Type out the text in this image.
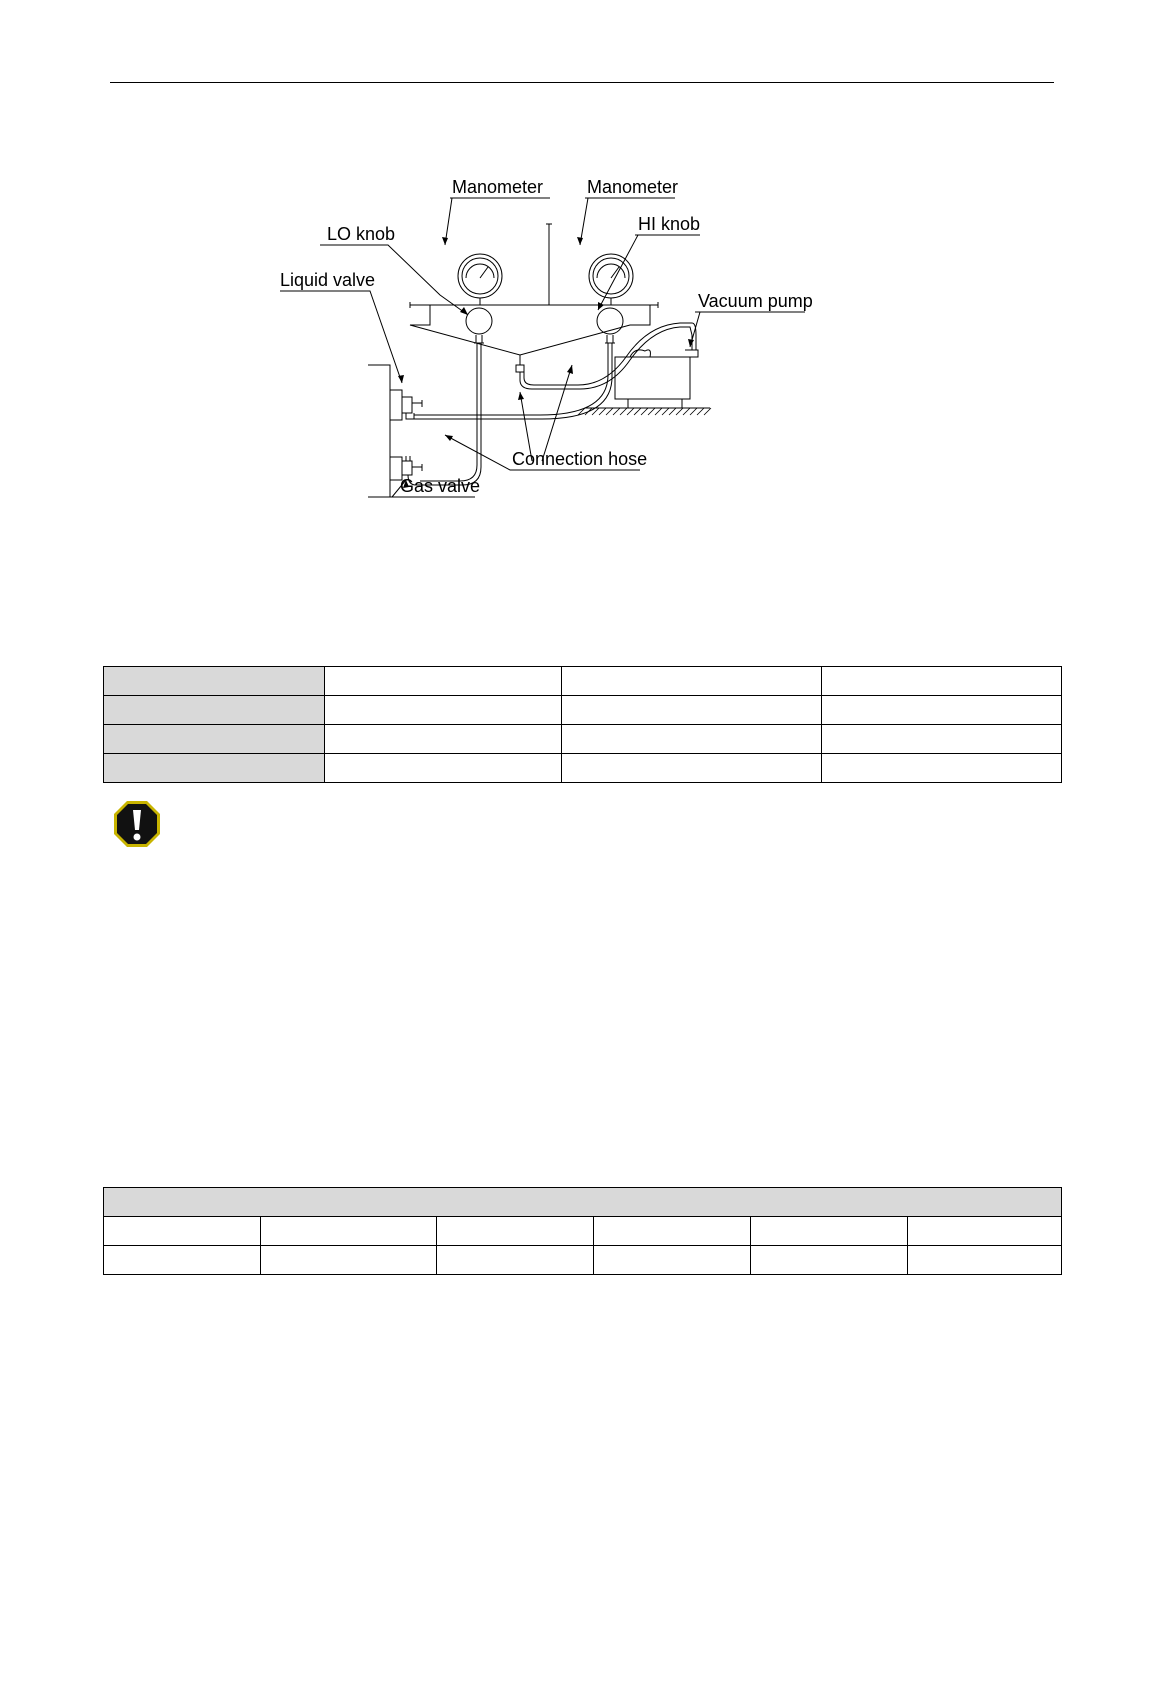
Manometer Manometer
LO knob	HI knob
Liquid valve
Vacuum pump
Connection hose
Gas valve
